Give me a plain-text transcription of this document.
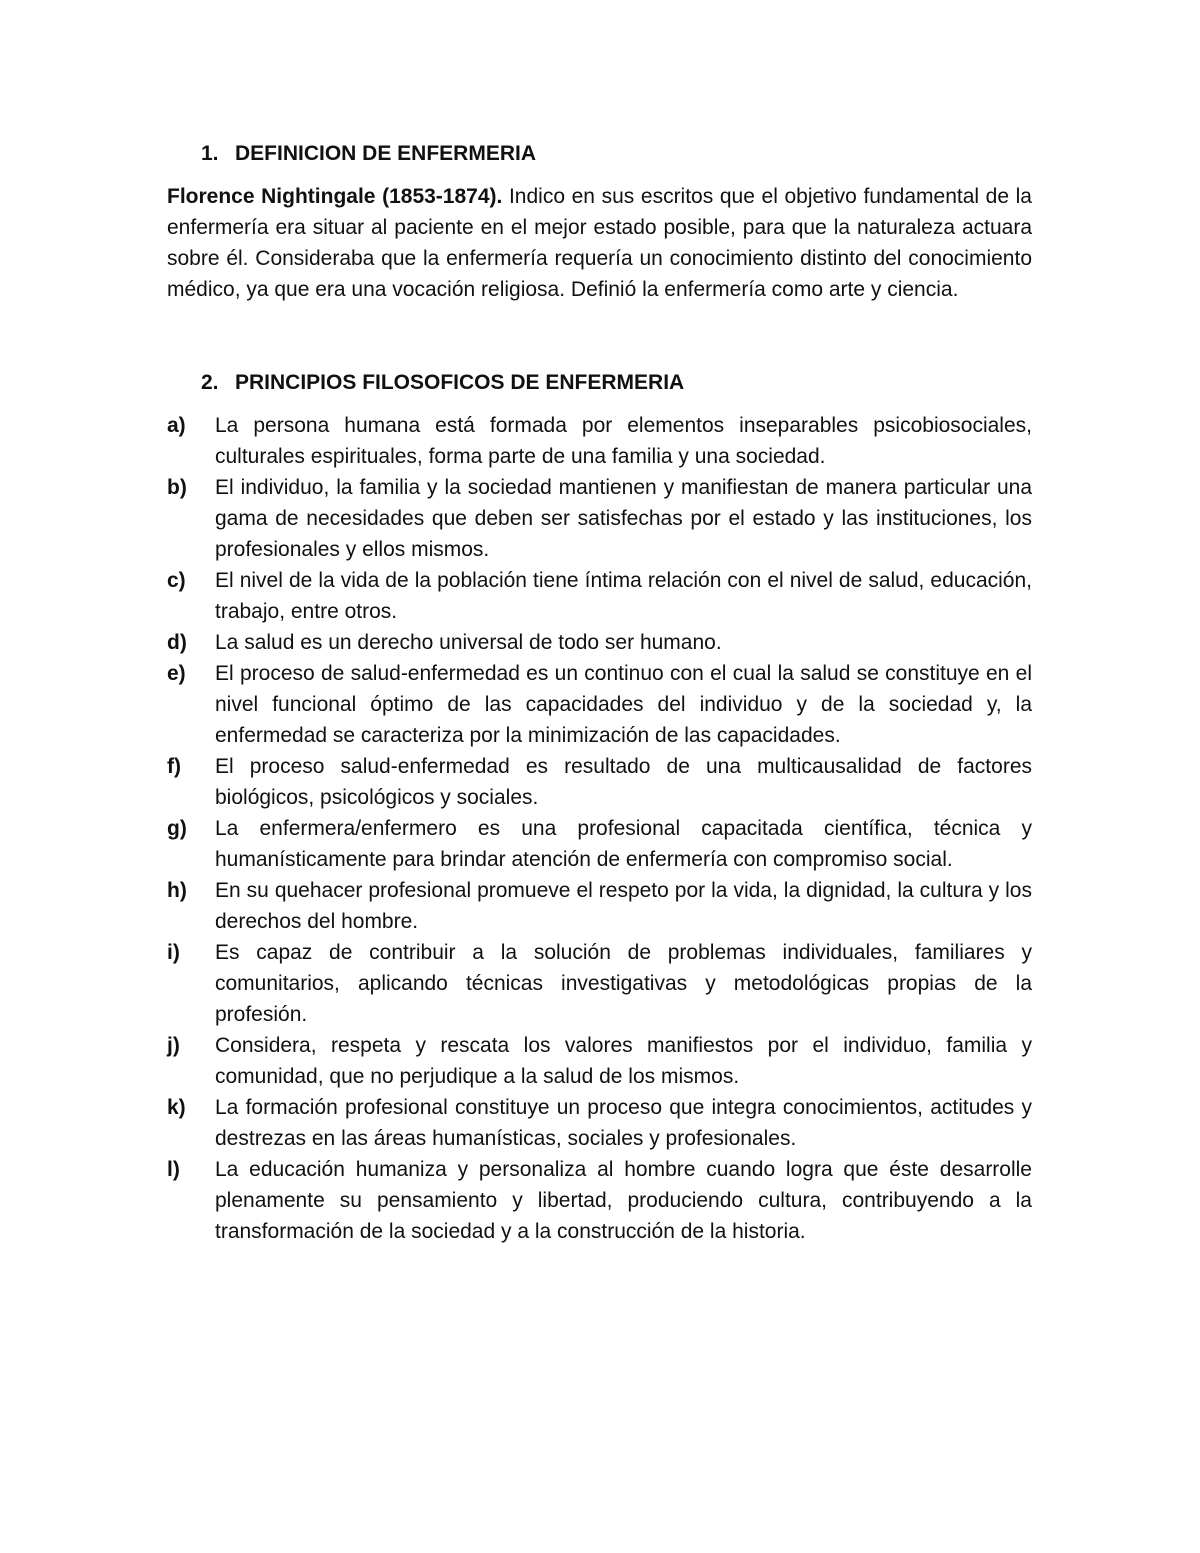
1. DEFINICION DE ENFERMERIA

Florence Nightingale (1853-1874). Indico en sus escritos que el objetivo fundamental de la enfermería era situar al paciente en el mejor estado posible, para que la naturaleza actuara sobre él. Consideraba que la enfermería requería un conocimiento distinto del conocimiento médico, ya que era una vocación religiosa. Definió la enfermería como arte y ciencia.

2. PRINCIPIOS FILOSOFICOS DE ENFERMERIA
a)	La persona humana está formada por elementos inseparables psicobiosociales, culturales espirituales, forma parte de una familia y una sociedad.
b)	El individuo, la familia y la sociedad mantienen y manifiestan de manera particular una gama de necesidades que deben ser satisfechas por el estado y las instituciones, los profesionales y ellos mismos.
c)	El nivel de la vida de la población tiene íntima relación con el nivel de salud, educación, trabajo, entre otros.
d)	La salud es un derecho universal de todo ser humano.
e)	El proceso de salud-enfermedad es un continuo con el cual la salud se constituye en el nivel funcional óptimo de las capacidades del individuo y de la sociedad y, la enfermedad se caracteriza por la minimización de las capacidades.
f)	El proceso salud-enfermedad es resultado de una multicausalidad de factores biológicos, psicológicos y sociales.
g)	La enfermera/enfermero es una profesional capacitada científica, técnica y humanísticamente para brindar atención de enfermería con compromiso social.
h)	En su quehacer profesional promueve el respeto por la vida, la dignidad, la cultura y los derechos del hombre.
i)	Es capaz de contribuir a la solución de problemas individuales, familiares y comunitarios, aplicando técnicas investigativas y metodológicas propias de la profesión.
j)	Considera, respeta y rescata los valores manifiestos por el individuo, familia y comunidad, que no perjudique a la salud de los mismos.
k)	La formación profesional constituye un proceso que integra conocimientos, actitudes y destrezas en las áreas humanísticas, sociales y profesionales.
l)	La educación humaniza y personaliza al hombre cuando logra que éste desarrolle plenamente su pensamiento y libertad, produciendo cultura, contribuyendo a la transformación de la sociedad y a la construcción de la historia.
